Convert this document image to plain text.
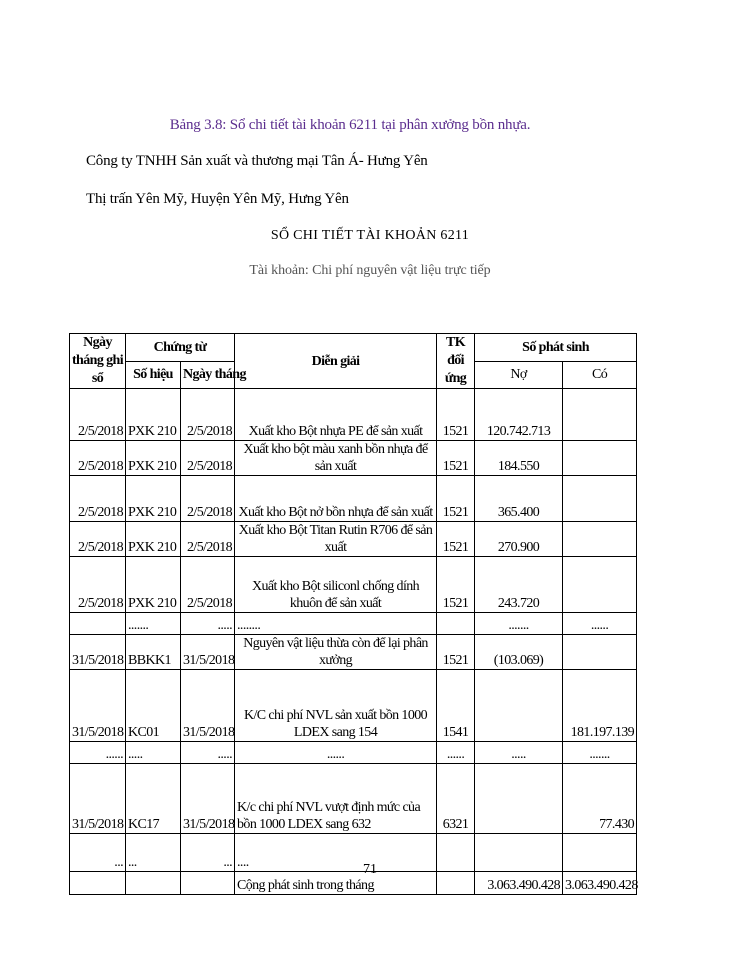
Bảng 3.8: Sổ chi tiết tài khoản 6211 tại phân xưởng bồn nhựa.
Công ty TNHH Sản xuất và thương mại Tân Á- Hưng Yên
Thị trấn Yên Mỹ, Huyện Yên Mỹ, Hưng Yên
SỔ CHI TIẾT TÀI KHOẢN 6211
Tài khoản: Chi phí nguyên vật liệu trực tiếp
Ngày tháng ghi sổ	Chứng từ		Diễn giải	TK đối ứng	Số phát sinh	
	Số hiệu	Ngày tháng			Nợ	Có
2/5/2018	PXK 210	2/5/2018	Xuất kho Bột nhựa PE để sản xuất	1521	120.742.713	
2/5/2018	PXK 210	2/5/2018	Xuất kho bột màu xanh bồn nhựa để sản xuất	1521	184.550	
2/5/2018	PXK 210	2/5/2018	Xuất kho Bột nở bồn nhựa để sản xuất	1521	365.400	
2/5/2018	PXK 210	2/5/2018	Xuất kho Bột Titan Rutin R706 để sản xuất	1521	270.900	
2/5/2018	PXK 210	2/5/2018	Xuất kho Bột siliconl chống dính khuôn để sản xuất	1521	243.720	
	.......	.....	........		.......	......
31/5/2018	BBKK1	31/5/2018	Nguyên vật liệu thừa còn để lại phân xưởng	1521	(103.069)	
31/5/2018	KC01	31/5/2018	K/C chi phí NVL sản xuất bồn 1000 LDEX sang 154	1541		181.197.139
......	.....	.....	......	......	.....	.......
31/5/2018	KC17	31/5/2018	K/c chi phí NVL vượt định mức của bồn 1000 LDEX sang 632	6321		77.430
...	...	...	....			
			Cộng phát sinh trong tháng		3.063.490.428	3.063.490.428
71
